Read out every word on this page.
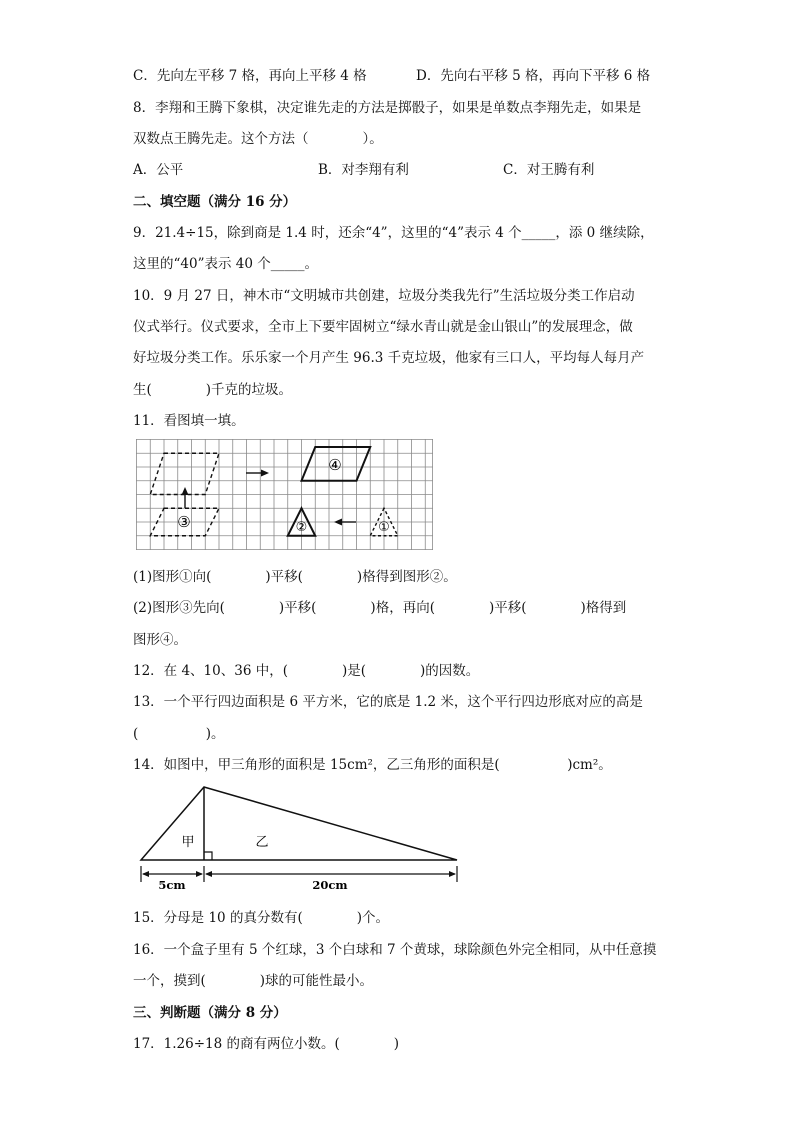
C．先向左平移 7 格，再向上平移 4 格	D．先向右平移 5 格，再向下平移 6 格
8．李翔和王腾下象棋，决定谁先走的方法是掷骰子，如果是单数点李翔先走，如果是
双数点王腾先走。这个方法（　　　　）。
A．公平	B．对李翔有利	C．对王腾有利
二、填空题（满分 16 分）
9．21.4÷15，除到商是 1.4 时，还余“4”，这里的“4”表示 4 个_____，添 0 继续除，
这里的“40”表示 40 个_____。
10．9 月 27 日，神木市“文明城市共创建，垃圾分类我先行”生活垃圾分类工作启动
仪式举行。仪式要求，全市上下要牢固树立“绿水青山就是金山银山”的发展理念，做
好垃圾分类工作。乐乐家一个月产生 96.3 千克垃圾，他家有三口人，平均每人每月产
生(　　　　)千克的垃圾。
11．看图填一填。
③
④
②	①
(1)图形①向(　　　　)平移(　　　　)格得到图形②。
(2)图形③先向(　　　　)平移(　　　　)格，再向(　　　　)平移(　　　　)格得到
图形④。
12．在 4、10、36 中，(　　　　)是(　　　　)的因数。
13．一个平行四边面积是 6 平方米，它的底是 1.2 米，这个平行四边形底对应的高是
(　　　　　)。
14．如图中，甲三角形的面积是 15cm²，乙三角形的面积是(　　　　　)cm²。
甲	乙
5cm	20cm
15．分母是 10 的真分数有(　　　　)个。
16．一个盒子里有 5 个红球，3 个白球和 7 个黄球，球除颜色外完全相同，从中任意摸
一个，摸到(　　　　)球的可能性最小。
三、判断题（满分 8 分）
17．1.26÷18 的商有两位小数。(　　　　)
